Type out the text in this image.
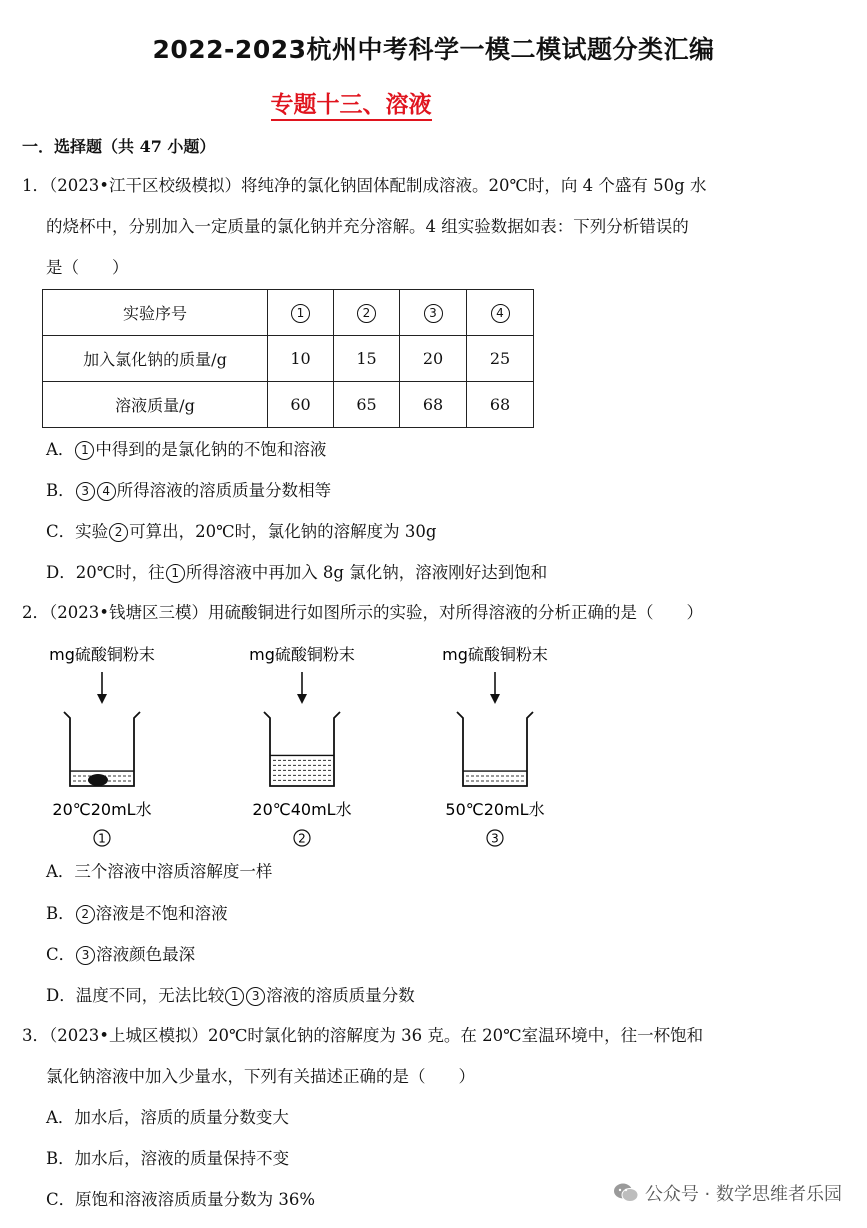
2022-2023杭州中考科学一模二模试题分类汇编
专题十三、溶液
一．选择题（共 47 小题）
1．（2023•江干区校级模拟）将纯净的氯化钠固体配制成溶液。20℃时，向 4 个盛有 50g 水
的烧杯中，分别加入一定质量的氯化钠并充分溶解。4 组实验数据如表：下列分析错误的
是（　　）
实验序号	1	2	3	4
加入氯化钠的质量/g	10	15	20	25
溶液质量/g	60	65	68	68
A． 1 中得到的是氯化钠的不饱和溶液
B． 3 4 所得溶液的溶质质量分数相等
C．实验 2 可算出，20℃时，氯化钠的溶解度为 30g
D．20℃时，往 1 所得溶液中再加入 8g 氯化钠，溶液刚好达到饱和
2．（2023•钱塘区三模）用硫酸铜进行如图所示的实验，对所得溶液的分析正确的是（　　）
mg硫酸铜粉末
20℃20mL水
1
mg硫酸铜粉末
20℃40mL水
2
mg硫酸铜粉末
50℃20mL水
3
A．三个溶液中溶质溶解度一样
B． 2 溶液是不饱和溶液
C． 3 溶液颜色最深
D．温度不同，无法比较 1 3 溶液的溶质质量分数
3．（2023•上城区模拟）20℃时氯化钠的溶解度为 36 克。在 20℃室温环境中，往一杯饱和
氯化钠溶液中加入少量水，下列有关描述正确的是（　　）
A．加水后，溶质的质量分数变大
B．加水后，溶液的质量保持不变
C．原饱和溶液溶质质量分数为 36%	公众号 · 数学思维者乐园
